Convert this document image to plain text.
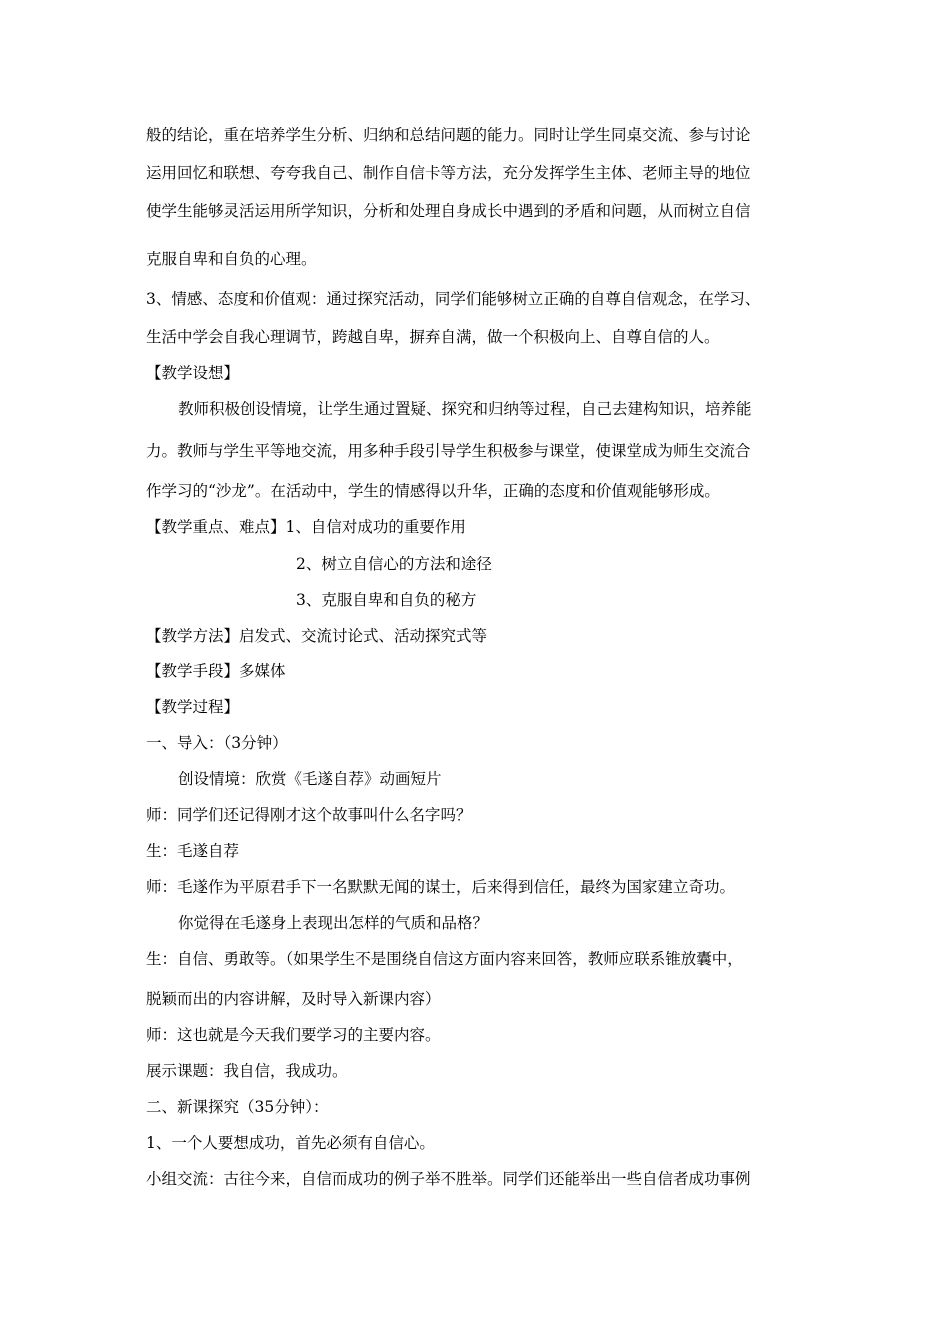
般的结论，重在培养学生分析、归纳和总结问题的能力。同时让学生同桌交流、参与讨论
运用回忆和联想、夸夸我自己、制作自信卡等方法，充分发挥学生主体、老师主导的地位
使学生能够灵活运用所学知识，分析和处理自身成长中遇到的矛盾和问题，从而树立自信
克服自卑和自负的心理。
3、情感、态度和价值观：通过探究活动，同学们能够树立正确的自尊自信观念，在学习、
生活中学会自我心理调节，跨越自卑，摒弃自满，做一个积极向上、自尊自信的人。
【教学设想】
教师积极创设情境，让学生通过置疑、探究和归纳等过程，自己去建构知识，培养能
力。教师与学生平等地交流，用多种手段引导学生积极参与课堂，使课堂成为师生交流合
作学习的“沙龙”。在活动中，学生的情感得以升华，正确的态度和价值观能够形成。
【教学重点、难点】1、自信对成功的重要作用
2、树立自信心的方法和途径
3、克服自卑和自负的秘方
【教学方法】启发式、交流讨论式、活动探究式等
【教学手段】多媒体
【教学过程】
一、导入：（3分钟）
创设情境：欣赏《毛遂自荐》动画短片
师：同学们还记得刚才这个故事叫什么名字吗？
生：毛遂自荐
师：毛遂作为平原君手下一名默默无闻的谋士，后来得到信任，最终为国家建立奇功。
你觉得在毛遂身上表现出怎样的气质和品格？
生：自信、勇敢等。（如果学生不是围绕自信这方面内容来回答，教师应联系锥放囊中，
脱颖而出的内容讲解，及时导入新课内容）
师：这也就是今天我们要学习的主要内容。
展示课题：我自信，我成功。
二、新课探究（35分钟）：
1、一个人要想成功，首先必须有自信心。
小组交流：古往今来，自信而成功的例子举不胜举。同学们还能举出一些自信者成功事例
